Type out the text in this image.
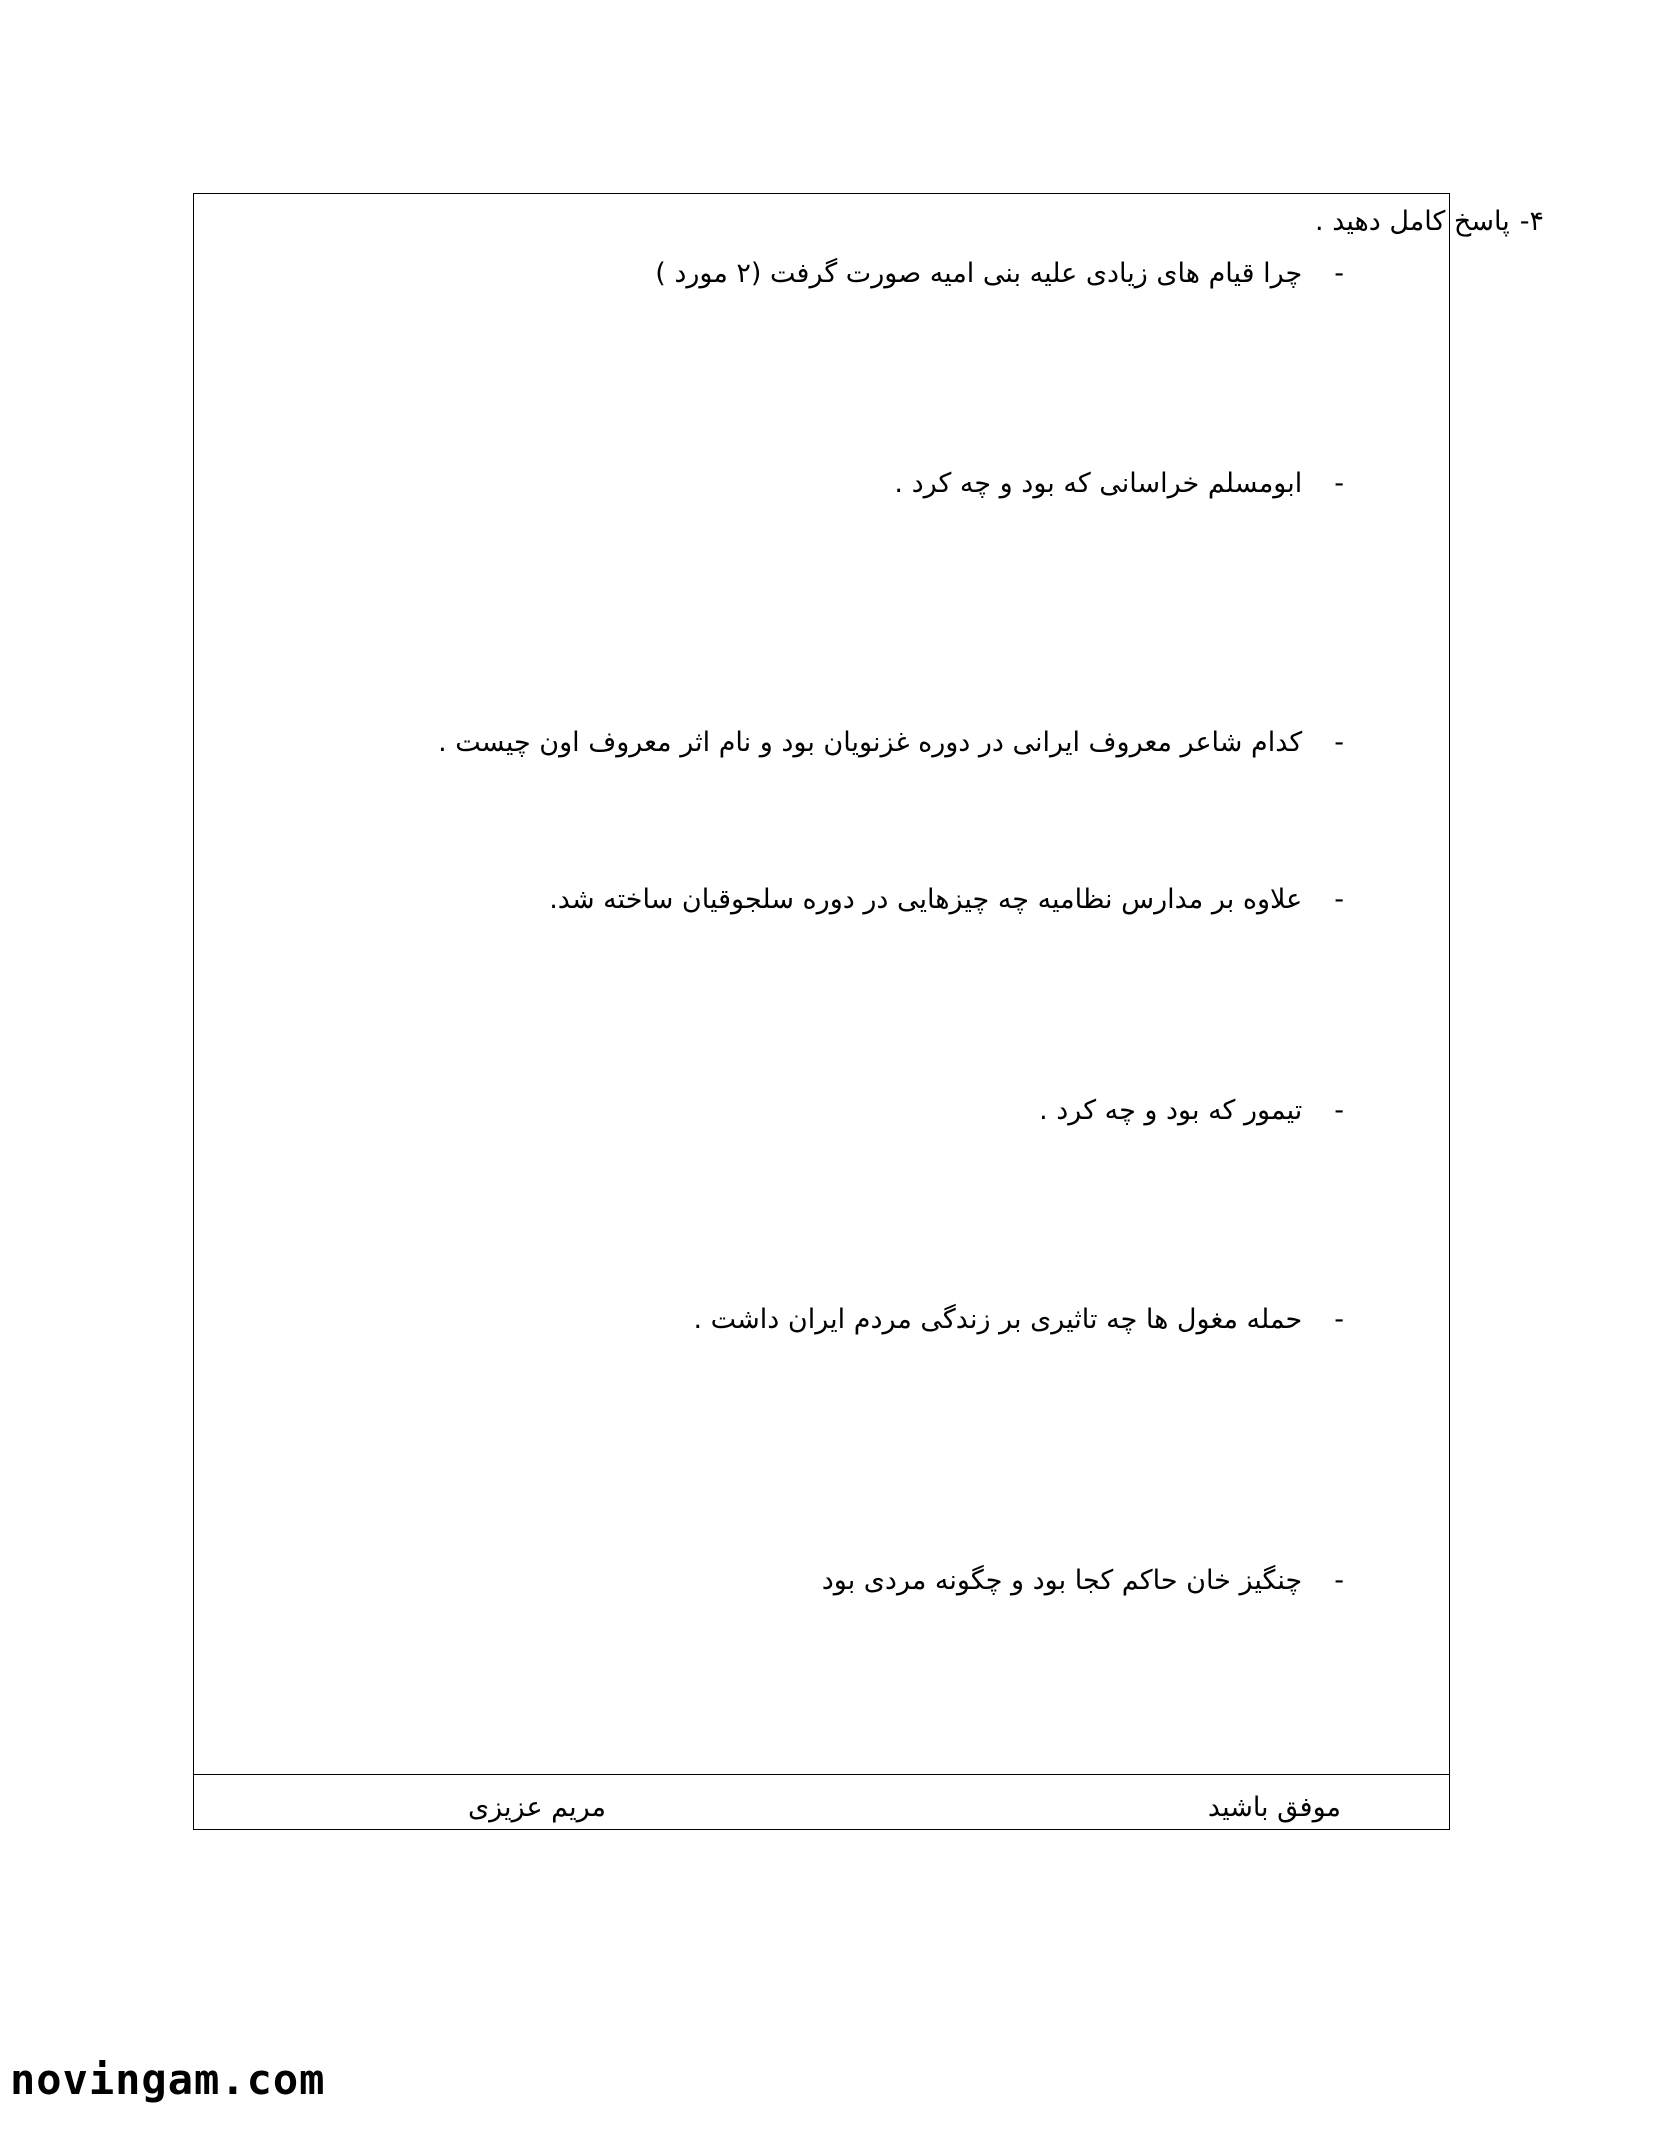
۴-پاسخ کامل دهید .
-چرا قیام های زیادی علیه بنی امیه صورت گرفت (۲ مورد )
-ابومسلم خراسانی که بود و چه کرد .
-کدام شاعر معروف ایرانی در دوره غزنویان بود و نام اثر معروف اون چیست .
-علاوه بر مدارس نظامیه چه چیزهایی در دوره سلجوقیان ساخته شد.
-تیمور که بود و چه کرد .
-حمله مغول ها چه تاثیری بر زندگی مردم ایران داشت .
-چنگیز خان حاکم کجا بود و چگونه مردی بود
موفق باشید
مریم عزیزی
novingam.com
